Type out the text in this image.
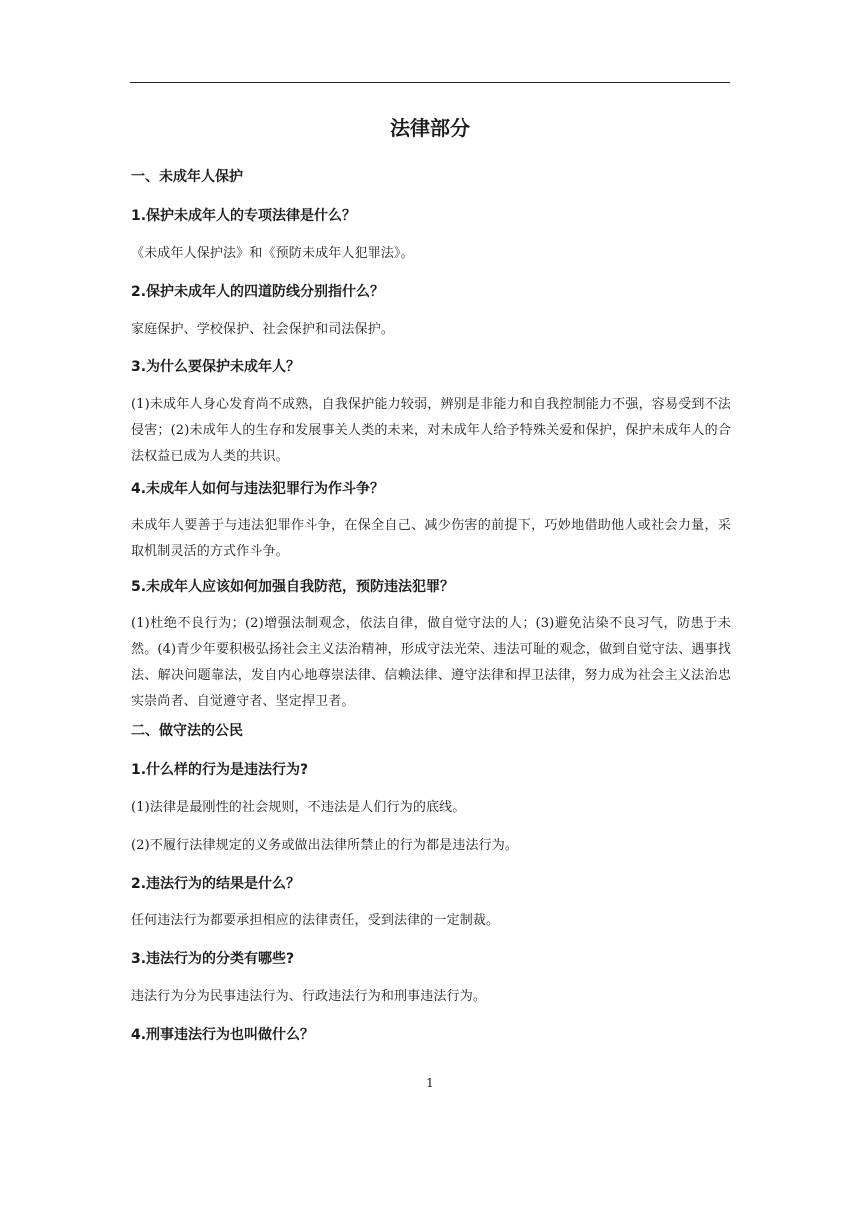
法律部分

一、未成年人保护

1.保护未成年人的专项法律是什么？

《未成年人保护法》和《预防未成年人犯罪法》。

2.保护未成年人的四道防线分别指什么？

家庭保护、学校保护、社会保护和司法保护。

3.为什么要保护未成年人？

(1)未成年人身心发育尚不成熟，自我保护能力较弱，辨别是非能力和自我控制能力不强，容易受到不法侵害；(2)未成年人的生存和发展事关人类的未来，对未成年人给予特殊关爱和保护，保护未成年人的合法权益已成为人类的共识。

4.未成年人如何与违法犯罪行为作斗争？

未成年人要善于与违法犯罪作斗争，在保全自己、减少伤害的前提下，巧妙地借助他人或社会力量，采取机制灵活的方式作斗争。

5.未成年人应该如何加强自我防范，预防违法犯罪？

(1)杜绝不良行为；(2)增强法制观念，依法自律，做自觉守法的人；(3)避免沾染不良习气，防患于未然。(4)青少年要积极弘扬社会主义法治精神，形成守法光荣、违法可耻的观念，做到自觉守法、遇事找法、解决问题靠法，发自内心地尊崇法律、信赖法律、遵守法律和捍卫法律，努力成为社会主义法治忠实崇尚者、自觉遵守者、坚定捍卫者。

二、做守法的公民

1.什么样的行为是违法行为?

(1)法律是最刚性的社会规则，不违法是人们行为的底线。

(2)不履行法律规定的义务或做出法律所禁止的行为都是违法行为。

2.违法行为的结果是什么？

任何违法行为都要承担相应的法律责任，受到法律的一定制裁。

3.违法行为的分类有哪些?

违法行为分为民事违法行为、行政违法行为和刑事违法行为。

4.刑事违法行为也叫做什么？

1
